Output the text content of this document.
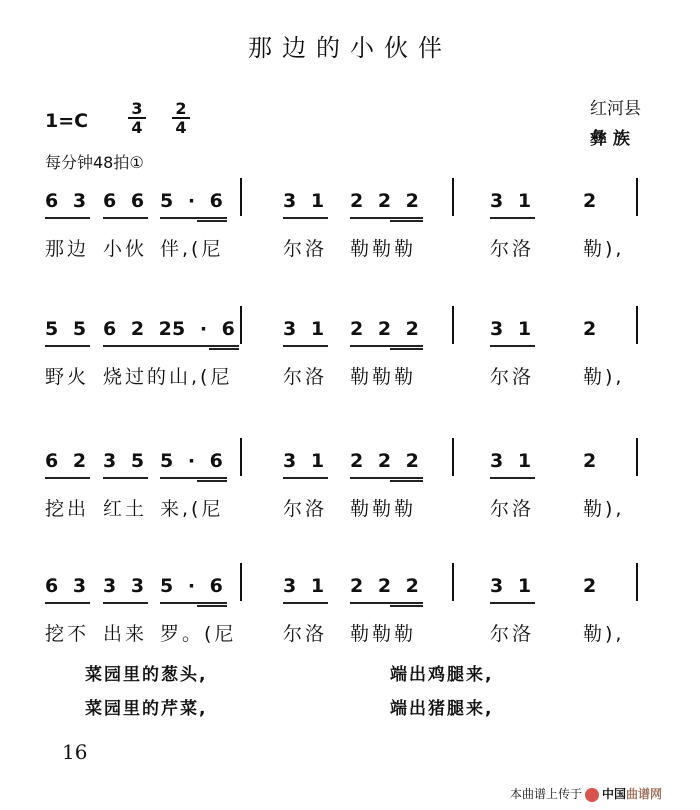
那边的小伙伴
$1=C \frac{3}{4} \frac{2}{4}$
每分钟48拍①
红河县
彝 族
6 3 6 6 5 · 6	3 1 2 2 2	3 1	2
那边 小伙 伴,(尼	尔洛 勒勒勒	尔洛	勒),
5 5 6 2 2
5 · 6 3 1 2 2 2	3 1	2
野火 烧过的山,(尼	尔洛 勒勒勒	尔洛	勒),
6 2 3 5 5 · 6	3 1 2 2 2	3 1	2
挖出 红土 来,(尼	尔洛 勒勒勒	尔洛	勒),
6 3 3 3 5 · 6	3 1 2 2 2	3 1	2
挖不 出来 罗。(尼 尔洛 勒勒勒	尔洛	勒),
菜园里的葱头,	端出鸡腿来,
菜园里的芹菜,	端出猪腿来,
16
本曲谱上传于 中国曲谱网
